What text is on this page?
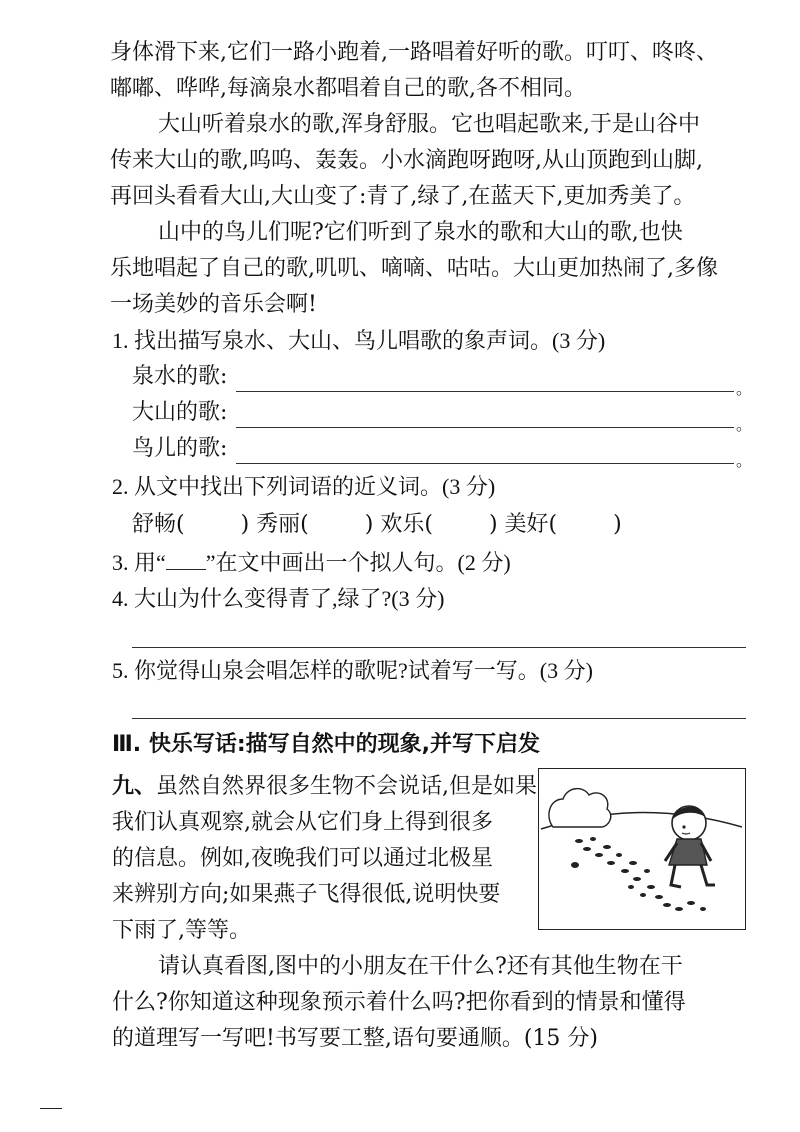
身体滑下来,它们一路小跑着,一路唱着好听的歌。叮叮、咚咚、
嘟嘟、哗哗,每滴泉水都唱着自己的歌,各不相同。
大山听着泉水的歌,浑身舒服。它也唱起歌来,于是山谷中
传来大山的歌,呜呜、轰轰。小水滴跑呀跑呀,从山顶跑到山脚,
再回头看看大山,大山变了:青了,绿了,在蓝天下,更加秀美了。
山中的鸟儿们呢?它们听到了泉水的歌和大山的歌,也快
乐地唱起了自己的歌,叽叽、嘀嘀、咕咕。大山更加热闹了,多像
一场美妙的音乐会啊!
1. 找出描写泉水、大山、鸟儿唱歌的象声词。(3 分)
泉水的歌:	。
大山的歌:	。
鸟儿的歌:	。
2. 从文中找出下列词语的近义词。(3 分)
舒畅(	) 秀丽(	) 欢乐(	) 美好(	)
3. 用“ ”在文中画出一个拟人句。(2 分)
4. 大山为什么变得青了,绿了?(3 分)
5. 你觉得山泉会唱怎样的歌呢?试着写一写。(3 分)
Ⅲ. 快乐写话:描写自然中的现象,并写下启发
九、 虽然自然界很多生物不会说话,但是如果
我们认真观察,就会从它们身上得到很多
的信息。例如,夜晚我们可以通过北极星
来辨别方向;如果燕子飞得很低,说明快要
下雨了,等等。
请认真看图,图中的小朋友在干什么?还有其他生物在干
什么?你知道这种现象预示着什么吗?把你看到的情景和懂得
的道理写一写吧!书写要工整,语句要通顺。(15 分)
